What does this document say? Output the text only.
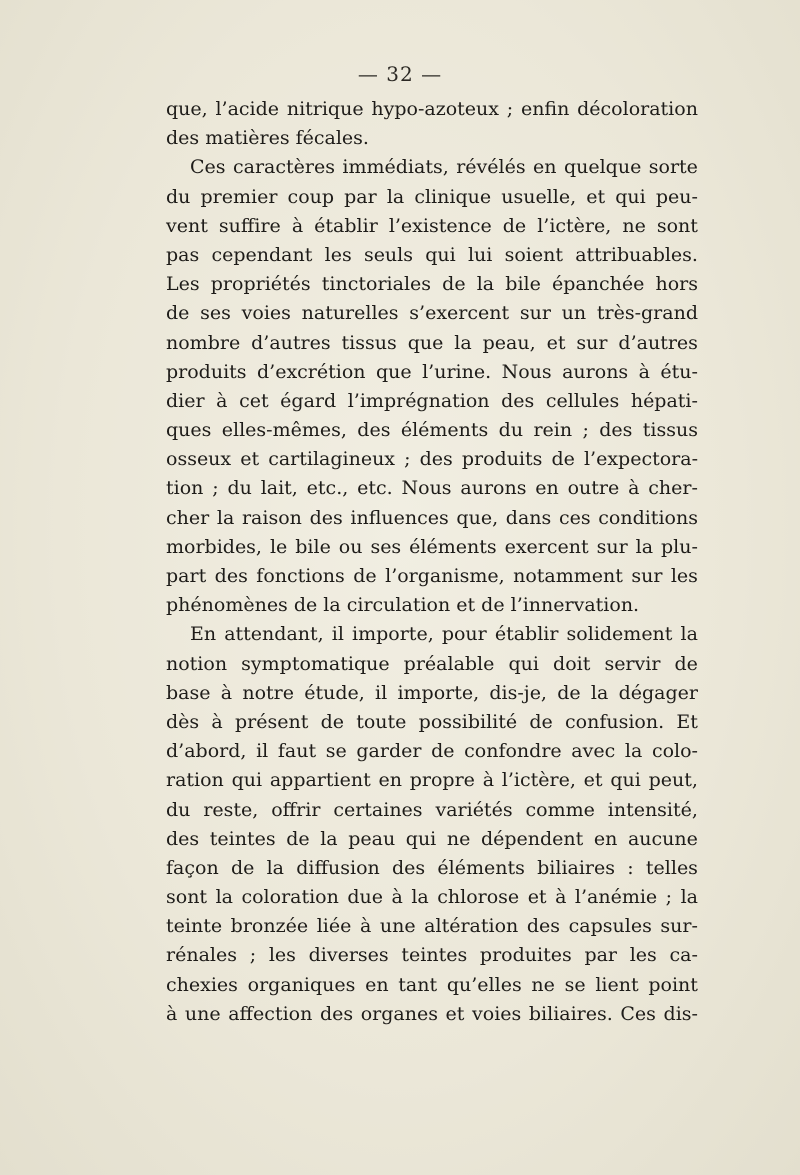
— 32 —
que, l’acide nitrique hypo-azoteux ; enfin décoloration
des matières fécales.
Ces caractères immédiats, révélés en quelque sorte
du premier coup par la clinique usuelle, et qui peu-
vent suffire à établir l’existence de l’ictère, ne sont
pas cependant les seuls qui lui soient attribuables.
Les propriétés tinctoriales de la bile épanchée hors
de ses voies naturelles s’exercent sur un très-grand
nombre d’autres tissus que la peau, et sur d’autres
produits d’excrétion que l’urine. Nous aurons à étu-
dier à cet égard l’imprégnation des cellules hépati-
ques elles-mêmes, des éléments du rein ; des tissus
osseux et cartilagineux ; des produits de l’expectora-
tion ; du lait, etc., etc. Nous aurons en outre à cher-
cher la raison des influences que, dans ces conditions
morbides, le bile ou ses éléments exercent sur la plu-
part des fonctions de l’organisme, notamment sur les
phénomènes de la circulation et de l’innervation.
En attendant, il importe, pour établir solidement la
notion symptomatique préalable qui doit servir de
base à notre étude, il importe, dis-je, de la dégager
dès à présent de toute possibilité de confusion. Et
d’abord, il faut se garder de confondre avec la colo-
ration qui appartient en propre à l’ictère, et qui peut,
du reste, offrir certaines variétés comme intensité,
des teintes de la peau qui ne dépendent en aucune
façon de la diffusion des éléments biliaires : telles
sont la coloration due à la chlorose et à l’anémie ; la
teinte bronzée liée à une altération des capsules sur-
rénales ; les diverses teintes produites par les ca-
chexies organiques en tant qu’elles ne se lient point
à une affection des organes et voies biliaires. Ces dis-
